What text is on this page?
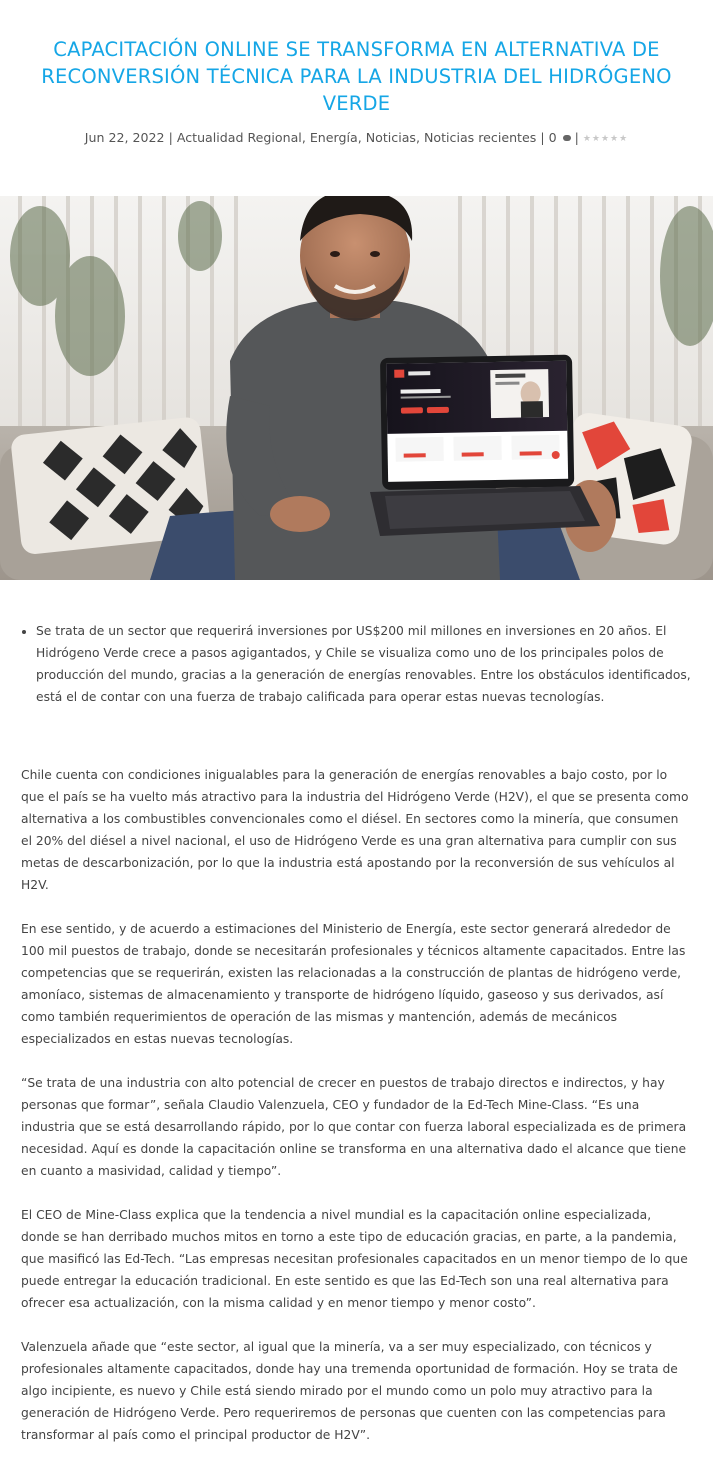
CAPACITACIÓN ONLINE SE TRANSFORMA EN ALTERNATIVA DE RECONVERSIÓN TÉCNICA PARA LA INDUSTRIA DEL HIDRÓGENO VERDE
Jun 22, 2022 | Actualidad Regional, Energía, Noticias, Noticias recientes | 0  | ★★★★★
• Se trata de un sector que requerirá inversiones por US$200 mil millones en inversiones en 20 años. El Hidrógeno Verde crece a pasos agigantados, y Chile se visualiza como uno de los principales polos de producción del mundo, gracias a la generación de energías renovables. Entre los obstáculos identificados, está el de contar con una fuerza de trabajo calificada para operar estas nuevas tecnologías.

Chile cuenta con condiciones inigualables para la generación de energías renovables a bajo costo, por lo que el país se ha vuelto más atractivo para la industria del Hidrógeno Verde (H2V), el que se presenta como alternativa a los combustibles convencionales como el diésel. En sectores como la minería, que consumen el 20% del diésel a nivel nacional, el uso de Hidrógeno Verde es una gran alternativa para cumplir con sus metas de descarbonización, por lo que la industria está apostando por la reconversión de sus vehículos al H2V.

En ese sentido, y de acuerdo a estimaciones del Ministerio de Energía, este sector generará alrededor de 100 mil puestos de trabajo, donde se necesitarán profesionales y técnicos altamente capacitados. Entre las competencias que se requerirán, existen las relacionadas a la construcción de plantas de hidrógeno verde, amoníaco, sistemas de almacenamiento y transporte de hidrógeno líquido, gaseoso y sus derivados, así como también requerimientos de operación de las mismas y mantención, además de mecánicos especializados en estas nuevas tecnologías.

“Se trata de una industria con alto potencial de crecer en puestos de trabajo directos e indirectos, y hay personas que formar”, señala Claudio Valenzuela, CEO y fundador de la Ed-Tech Mine-Class. “Es una industria que se está desarrollando rápido, por lo que contar con fuerza laboral especializada es de primera necesidad. Aquí es donde la capacitación online se transforma en una alternativa dado el alcance que tiene en cuanto a masividad, calidad y tiempo”.

El CEO de Mine-Class explica que la tendencia a nivel mundial es la capacitación online especializada, donde se han derribado muchos mitos en torno a este tipo de educación gracias, en parte, a la pandemia, que masificó las Ed-Tech. “Las empresas necesitan profesionales capacitados en un menor tiempo de lo que puede entregar la educación tradicional. En este sentido es que las Ed-Tech son una real alternativa para ofrecer esa actualización, con la misma calidad y en menor tiempo y menor costo”.

Valenzuela añade que “este sector, al igual que la minería, va a ser muy especializado, con técnicos y profesionales altamente capacitados, donde hay una tremenda oportunidad de formación. Hoy se trata de algo incipiente, es nuevo y Chile está siendo mirado por el mundo como un polo muy atractivo para la generación de Hidrógeno Verde. Pero requeriremos de personas que cuenten con las competencias para transformar al país como el principal productor de H2V”.
